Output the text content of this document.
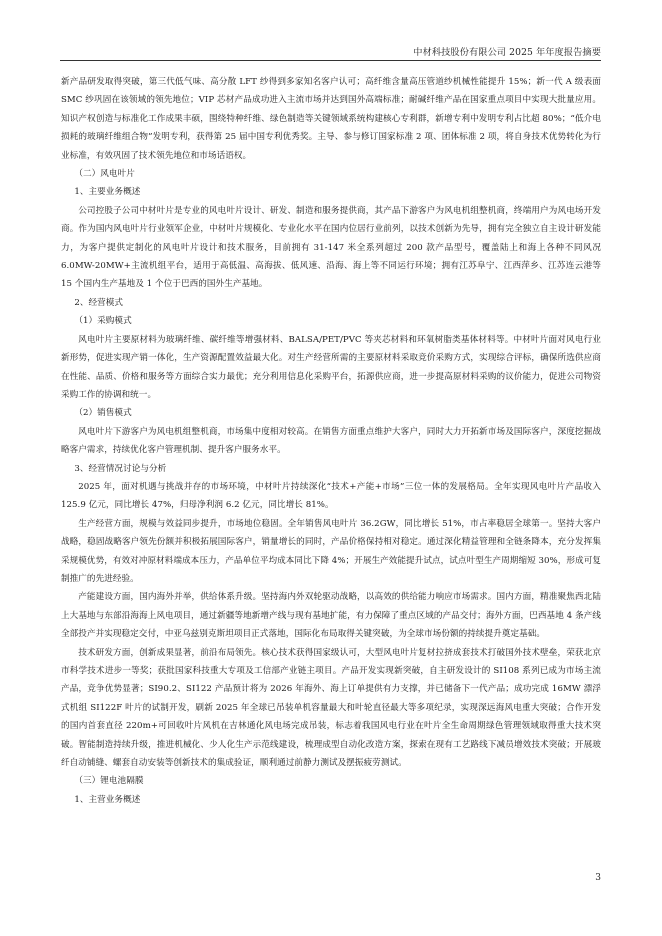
中材科技股份有限公司 2025 年年度报告摘要

新产品研发取得突破，第三代低气味、高分散 LFT 纱得到多家知名客户认可；高纤维含量高压管道纱机械性能提升 15%；新一代 A 级表面 SMC 纱巩固在该领域的领先地位；VIP 芯材产品成功进入主流市场并达到国外高端标准；耐碱纤维产品在国家重点项目中实现大批量应用。知识产权创造与标准化工作成果丰硕，围绕特种纤维、绿色制造等关键领域系统构建核心专利群，新增专利中发明专利占比超 80%；“低介电损耗的玻璃纤维组合物”发明专利，获得第 25 届中国专利优秀奖。主导、参与修订国家标准 2 项、团体标准 2 项，将自身技术优势转化为行业标准，有效巩固了技术领先地位和市场话语权。

（二）风电叶片

1、主要业务概述

公司控股子公司中材叶片是专业的风电叶片设计、研发、制造和服务提供商，其产品下游客户为风电机组整机商，终端用户为风电场开发商。作为国内风电叶片行业领军企业，中材叶片规模化、专业化水平在国内位居行业前列，以技术创新为先导，拥有完全独立自主设计研发能力，为客户提供定制化的风电叶片设计和技术服务，目前拥有 31-147 米全系列超过 200 款产品型号，覆盖陆上和海上各种不同风况 6.0MW-20MW+主流机组平台，适用于高低温、高海拔、低风速、沿海、海上等不同运行环境；拥有江苏阜宁、江西萍乡、江苏连云港等 15 个国内生产基地及 1 个位于巴西的国外生产基地。

2、经营模式

（1）采购模式

风电叶片主要原材料为玻璃纤维、碳纤维等增强材料、BALSA/PET/PVC 等夹芯材料和环氧树脂类基体材料等。中材叶片面对风电行业新形势，促进实现产销一体化，生产资源配置效益最大化。对生产经营所需的主要原材料采取竞价采购方式，实现综合评标，确保所选供应商在性能、品质、价格和服务等方面综合实力最优；充分利用信息化采购平台，拓源供应商，进一步提高原材料采购的议价能力，促进公司物资采购工作的协调和统一。

（2）销售模式

风电叶片下游客户为风电机组整机商，市场集中度相对较高。在销售方面重点维护大客户，同时大力开拓新市场及国际客户，深度挖掘战略客户需求，持续优化客户管理机制、提升客户服务水平。

3、经营情况讨论与分析

2025 年，面对机遇与挑战并存的市场环境，中材叶片持续深化“技术+产能+市场”三位一体的发展格局。全年实现风电叶片产品收入 125.9 亿元，同比增长 47%，归母净利润 6.2 亿元，同比增长 81%。

生产经营方面，规模与效益同步提升，市场地位稳固。全年销售风电叶片 36.2GW，同比增长 51%，市占率稳居全球第一。坚持大客户战略，稳固战略客户领先份额并积极拓展国际客户，销量增长的同时，产品价格保持相对稳定。通过深化精益管理和全链条降本，充分发挥集采规模优势，有效对冲原材料端成本压力，产品单位平均成本同比下降 4%；开展生产效能提升试点，试点叶型生产周期缩短 30%，形成可复制推广的先进经验。

产能建设方面，国内海外并举，供给体系升级。坚持海内外双轮驱动战略，以高效的供给能力响应市场需求。国内方面，精准聚焦西北陆上大基地与东部沿海海上风电项目，通过新疆等地新增产线与现有基地扩能，有力保障了重点区域的产品交付；海外方面，巴西基地 4 条产线全部投产并实现稳定交付，中亚乌兹别克斯坦项目正式落地，国际化布局取得关键突破，为全球市场份额的持续提升奠定基础。

技术研发方面，创新成果显著，前沿布局领先。核心技术获得国家级认可，大型风电叶片复材拉挤成套技术打破国外技术壁垒，荣获北京市科学技术进步一等奖；获批国家科技重大专项及工信部产业链主项目。产品开发实现新突破，自主研发设计的 SI108 系列已成为市场主流产品，竞争优势显著；SI90.2、SI122 产品预计将为 2026 年海外、海上订单提供有力支撑，并已储备下一代产品；成功完成 16MW 漂浮式机组 SI122F 叶片的试制开发，刷新 2025 年全球已吊装单机容量最大和叶轮直径最大等多项纪录，实现深远海风电重大突破；合作开发的国内首套直径 220m+可回收叶片风机在吉林通化风电场完成吊装，标志着我国风电行业在叶片全生命周期绿色管理领域取得重大技术突破。智能制造持续升级，推进机械化、少人化生产示范线建设，梳理成型自动化改造方案，探索在现有工艺路线下减员增效技术突破；开展玻纤自动铺缝、螺套自动安装等创新技术的集成验证，顺利通过前静力测试及摆振疲劳测试。

（三）锂电池隔膜

1、主营业务概述

3
